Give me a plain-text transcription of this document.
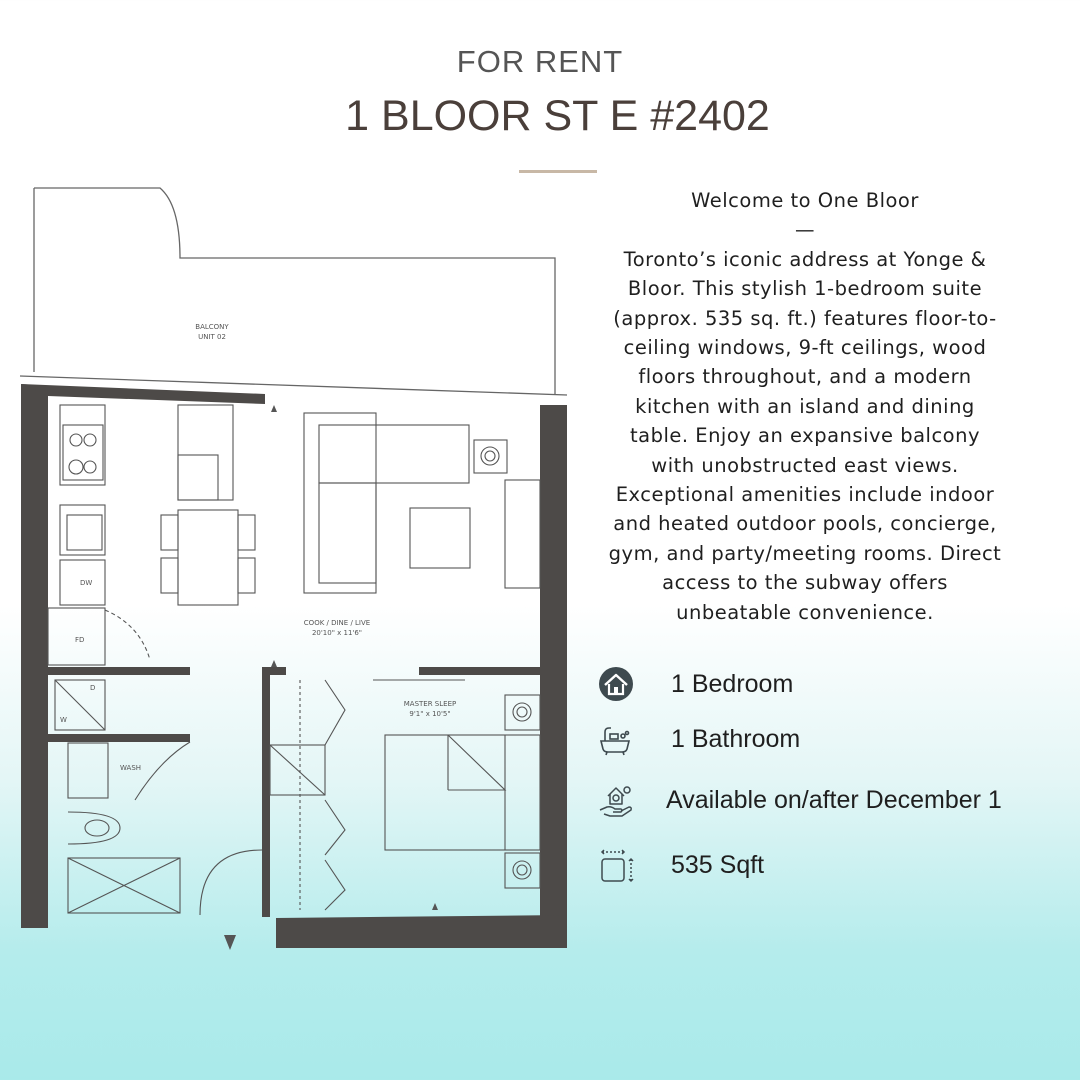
FOR RENT
1 BLOOR ST E #2402
BALCONY
UNIT 02
DW
FD
D
W
WASH
COOK / DINE / LIVE
20'10" x 11'6"
MASTER SLEEP
9'1" x 10'5"
Welcome to One Bloor
—
Toronto’s iconic address at Yonge &
Bloor. This stylish 1-bedroom suite
(approx. 535 sq. ft.) features floor-to-
ceiling windows, 9-ft ceilings, wood
floors throughout, and a modern
kitchen with an island and dining
table. Enjoy an expansive balcony
with unobstructed east views.
Exceptional amenities include indoor
and heated outdoor pools, concierge,
gym, and party/meeting rooms. Direct
access to the subway offers
unbeatable convenience.
1 Bedroom
1 Bathroom
Available on/after December 1
535 Sqft
